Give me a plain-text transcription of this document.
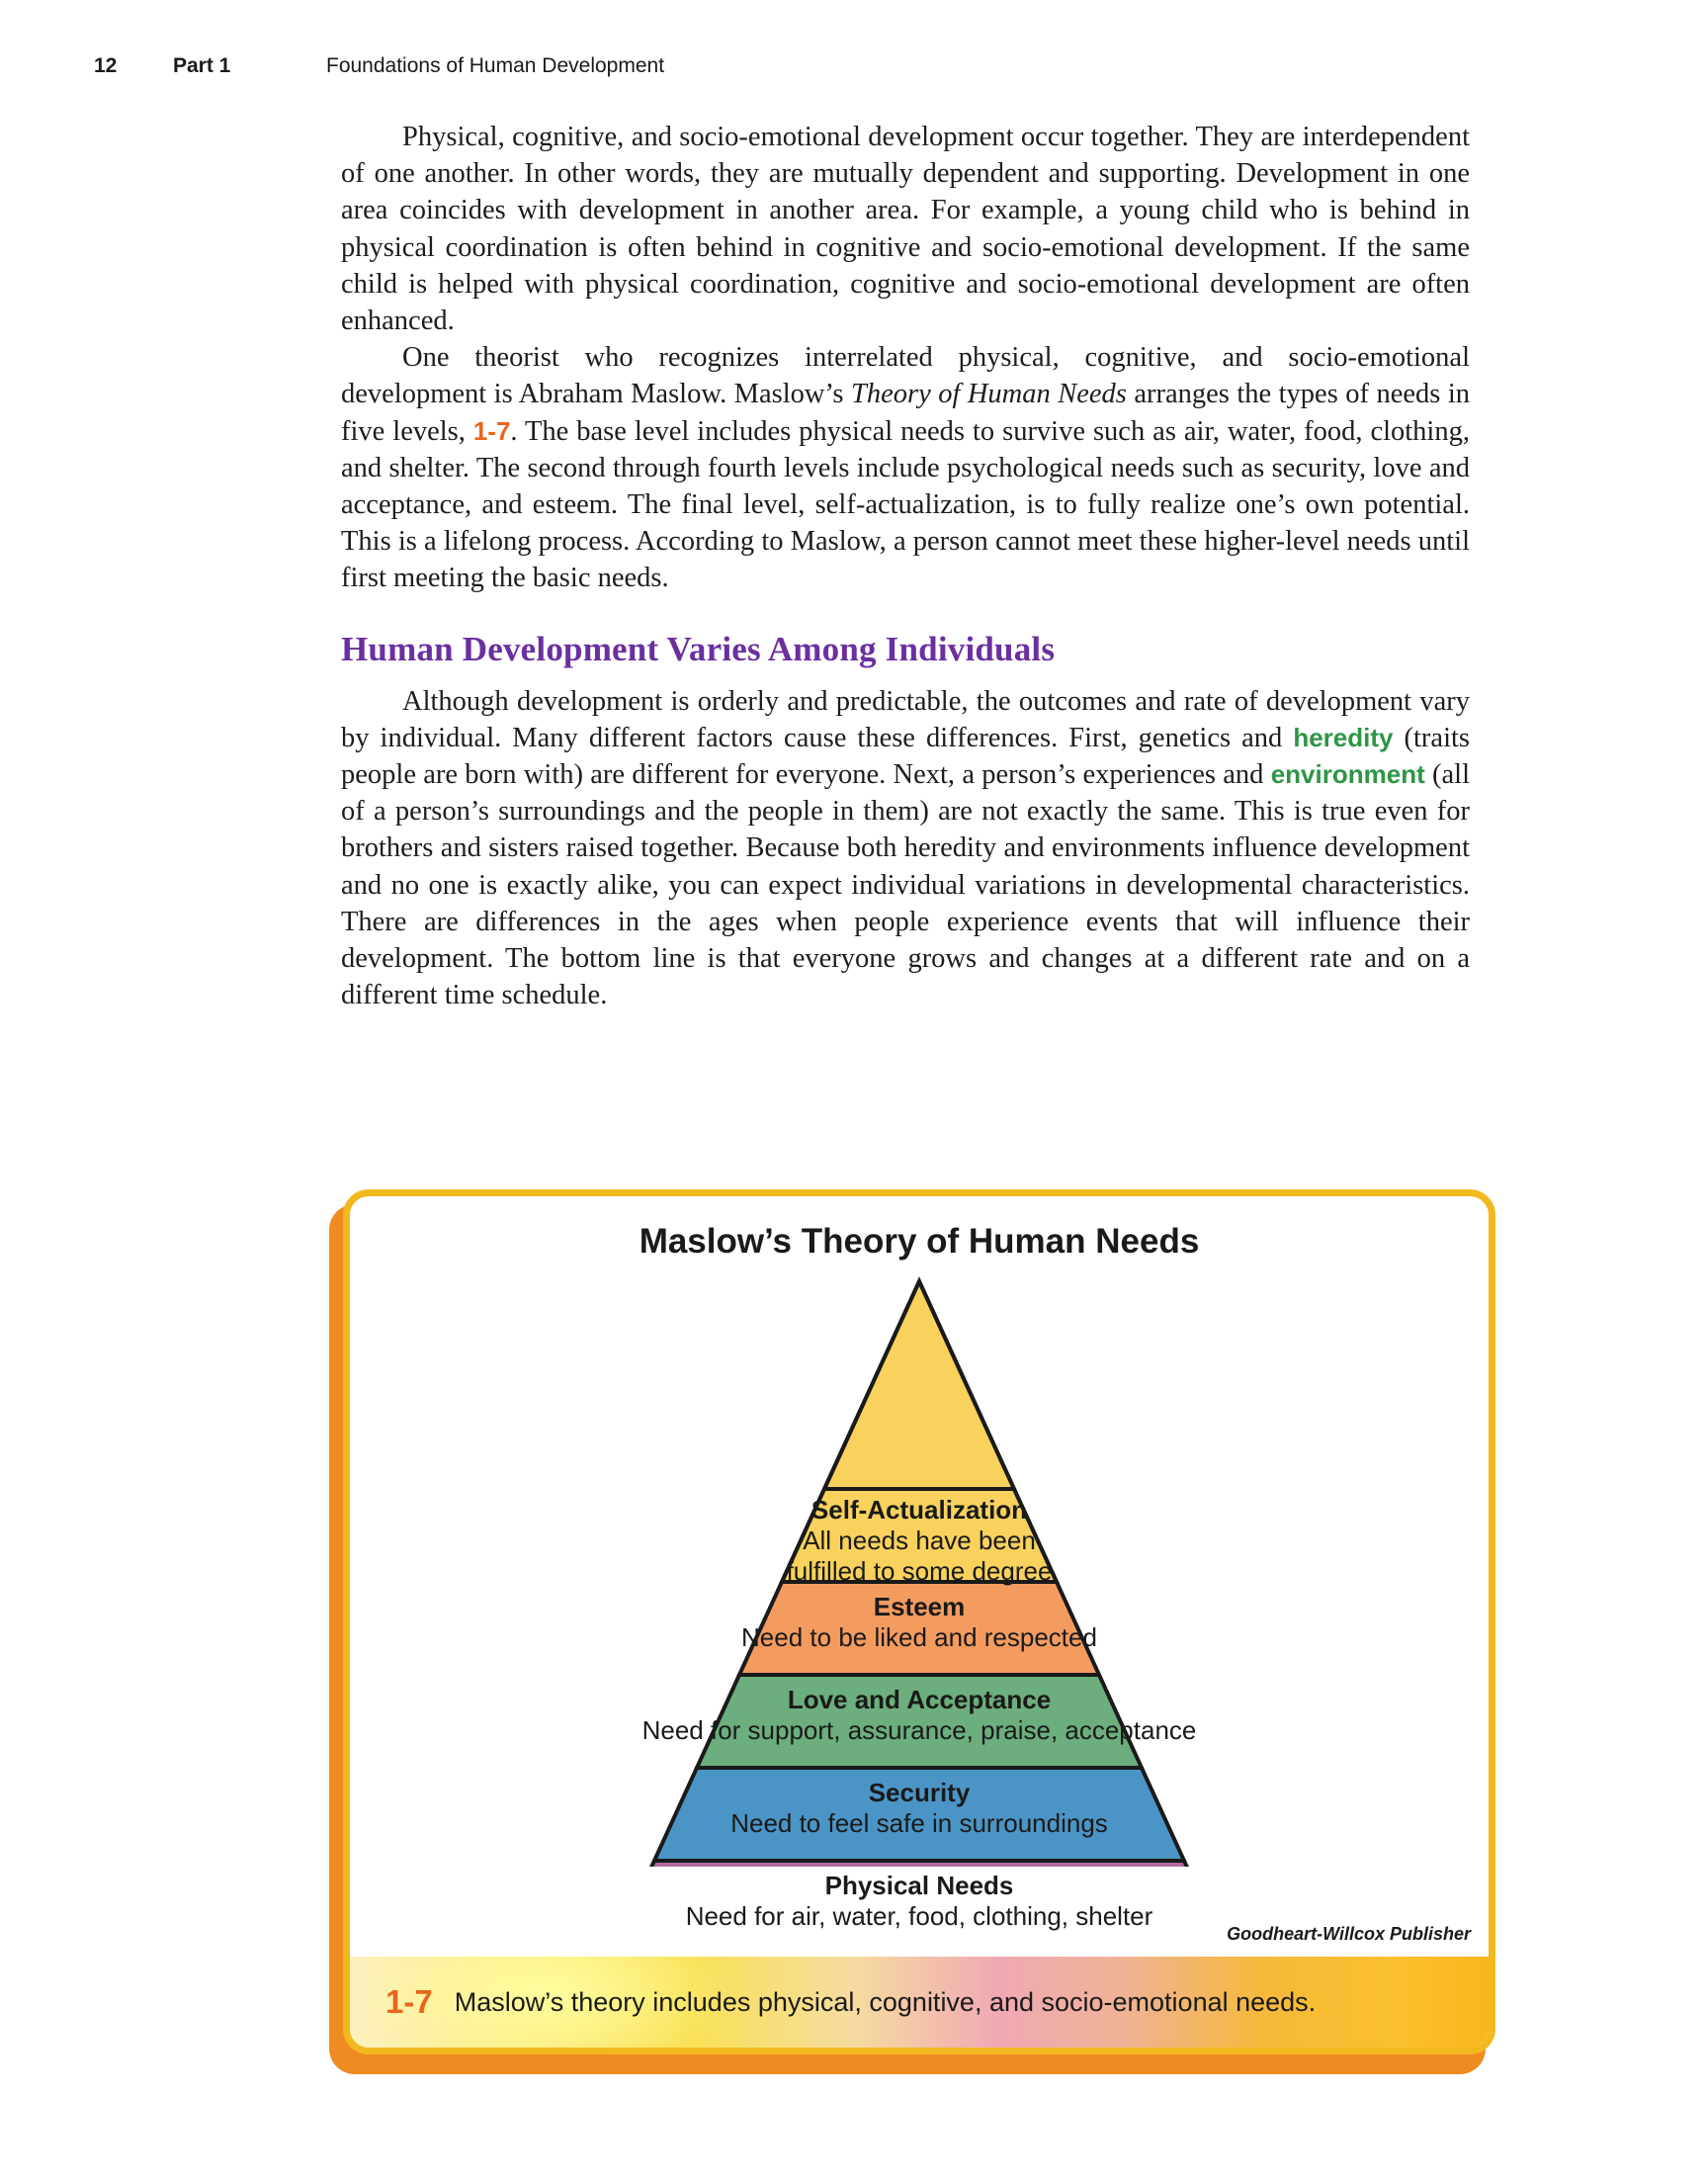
12	Part 1	Foundations of Human Development

Physical, cognitive, and socio-emotional development occur together. They are interdependent of one another. In other words, they are mutually dependent and supporting. Development in one area coincides with development in another area. For example, a young child who is behind in physical coordination is often behind in cognitive and socio-emotional development. If the same child is helped with physical coordination, cognitive and socio-emotional development are often enhanced.

One theorist who recognizes interrelated physical, cognitive, and socio-emotional development is Abraham Maslow. Maslow’s Theory of Human Needs arranges the types of needs in five levels, 1-7. The base level includes physical needs to survive such as air, water, food, clothing, and shelter. The second through fourth levels include psychological needs such as security, love and acceptance, and esteem. The final level, self-actualization, is to fully realize one’s own potential. This is a lifelong process. According to Maslow, a person cannot meet these higher-level needs until first meeting the basic needs.

Human Development Varies Among Individuals

Although development is orderly and predictable, the outcomes and rate of development vary by individual. Many different factors cause these differences. First, genetics and heredity (traits people are born with) are different for everyone. Next, a person’s experiences and environment (all of a person’s surroundings and the people in them) are not exactly the same. This is true even for brothers and sisters raised together. Because both heredity and environments influence development and no one is exactly alike, you can expect individual variations in developmental characteristics. There are differences in the ages when people experience events that will influence their development. The bottom line is that everyone grows and changes at a different rate and on a different time schedule.

Maslow’s Theory of Human Needs
Self-Actualization
All needs have been
fulfilled to some degree
Esteem
Need to be liked and respected
Love and Acceptance
Need for support, assurance, praise, acceptance
Security
Need to feel safe in surroundings
Physical Needs
Need for air, water, food, clothing, shelter
Goodheart-Willcox Publisher
1-7 Maslow’s theory includes physical, cognitive, and socio-emotional needs.
